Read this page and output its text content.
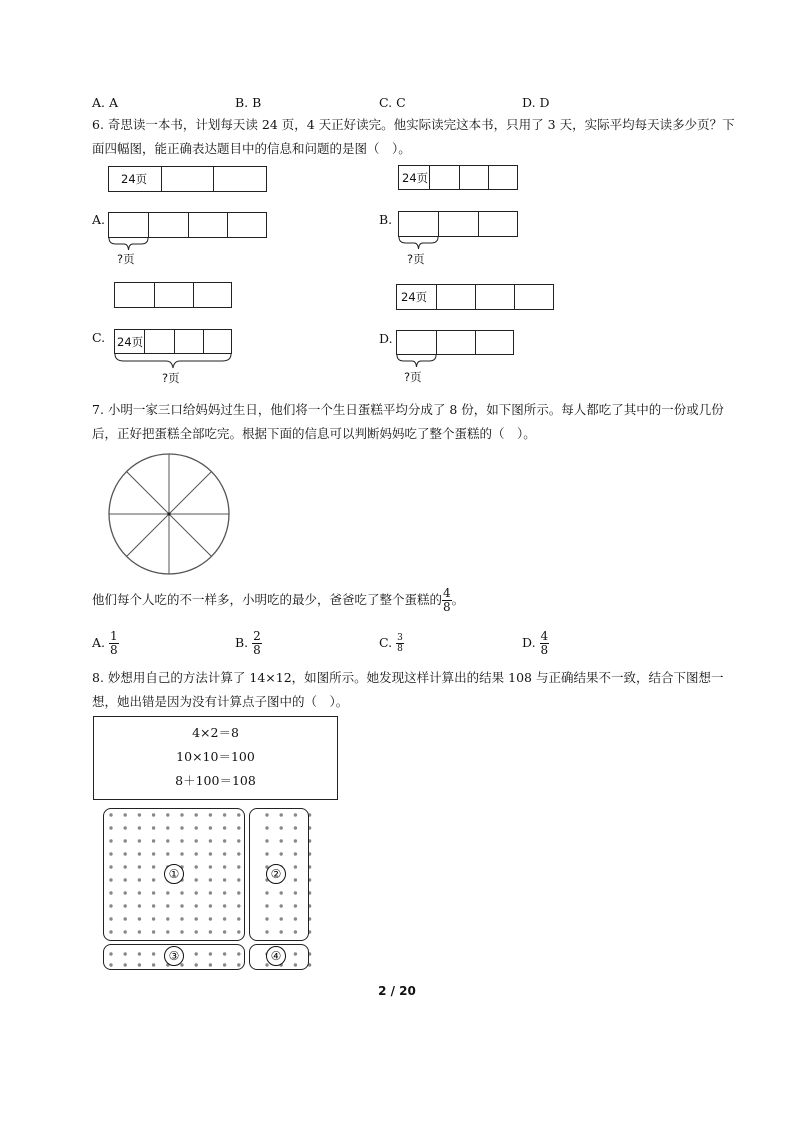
A. A	B. B	C. C	D. D
6. 奇思读一本书，计划每天读 24 页，4 天正好读完。他实际读完这本书，只用了 3 天，实际平均每天读多少页？下
面四幅图，能正确表达题目中的信息和问题的是图（　）。
24页
A.
?页
24页
B.
?页
C. 24页
?页
24页
D.
?页
7. 小明一家三口给妈妈过生日，他们将一个生日蛋糕平均分成了 8 份，如下图所示。每人都吃了其中的一份或几份
后，正好把蛋糕全部吃完。根据下面的信息可以判断妈妈吃了整个蛋糕的（　）。
他们每个人吃的不一样多，小明吃的最少，爸爸吃了整个蛋糕的 $\frac{4}{8}$ 。
A. $\frac{1}{8}$	B. $\frac{2}{8}$	C. $\frac{3}{8}$	D. $\frac{4}{8}$
8. 妙想用自己的方法计算了 14×12，如图所示。她发现这样计算出的结果 108 与正确结果不一致，结合下图想一
想，她出错是因为没有计算点子图中的（　）。
4×2＝8
10×10＝100
8＋100＝108
①	②
③	④
2 / 20
